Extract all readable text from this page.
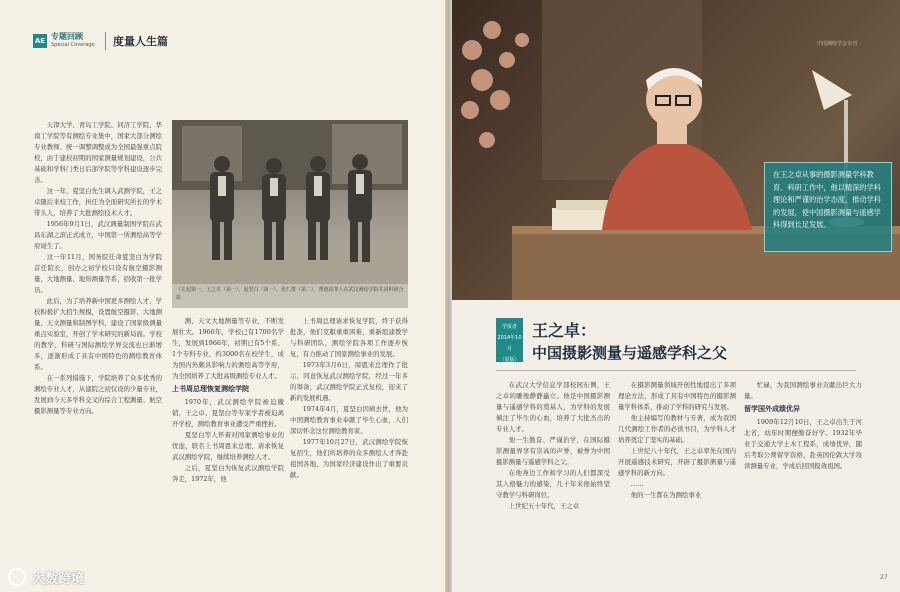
AE 专题回顾
Special Coverage 度量人生篇

天津大学、青岛工学院、同济工学院、华南工学院等有测绘专业集中，国家大部分测绘专业教师、统一调整调整成为全国最强重点院校，由于建校初期的国家测量规划建设，公共基础和学科门类日后部学院等学科建设逐步完善。

这一年，夏坚白先生调入武测学院，王之卓随后来校工作，担任为全面研究所长的学术带头人，培养了大批测绘技术人才。

1956年9月1日，武汉测量制图学院在武昌东湖之滨正式成立，中国第一所测绘高等学府诞生了。

这一年11月，国务院任命夏坚白为学院首任院长，创办之初学校只设有航空摄影测量、大地测量、地形测量等系，招收第一批学员。

此后，为了培养新中国更多测绘人才，学校积极扩大招生规模，设置航空摄影、大地测量、天文测量和制图学科，建设了国家级测量重点实验室，开创了学术研究的新局面。学校的教学、科研与国际测绘学界交流也日渐增多，逐渐形成了具有中国特色的测绘教育体系。

在一系列措施下，学院培养了众多优秀的测绘专业人才，从建院之初仅设的少量专业，发展到今天多学科交叉的综合工程测量、航空摄影测量等专业方向。

（左起第一、王之卓（第一）、夏坚白（第一）、张仁群（第二）、曹德法等人在武汉测绘学院共同科研合影

测、天文大地测量等专业，不断发展壮大。1966年，学校已有1700名学生，发展到1966年，初期已有5个系、1个专科专业，约3000名在校学生，成为国内外颇具影响力的测绘高等学府，为全国培养了大批高级测绘专业人才。

上书周总理恢复测绘学院

1970年，武汉测绘学院被迫撤销，王之卓、夏坚白等专家学者被迫离开学校，测绘教育事业遭受严重挫折。

夏坚白等人怀着对国家测绘事业的忧虑，联名上书周恩来总理，请求恢复武汉测绘学院，继续培养测绘人才。

之后，夏坚白为恢复武汉测绘学院奔走，1972年，他

上书周总理请求恢复学院，终于获得批准，他们克服重重困难，重新组建教学与科研团队，测绘学院各项工作逐步恢复，有力推动了国家测绘事业的发展。

1973年3月6日，周恩来总理作了批示，同意恢复武汉测绘学院，经过一年多的筹备，武汉测绘学院正式复校，迎来了新的发展机遇。

1974年4月，夏坚白因病去世，他为中国测绘教育事业奉献了毕生心血，人们深切怀念这位测绘教育家。

1977年10月27日，武汉测绘学院恢复招生，他们所培养的众多测绘人才奔赴祖国各地，为国家经济建设作出了重要贡献。

中国测绘学会专刊
在王之卓从事的摄影测量学科教育、科研工作中，他以精深的学科理论和严谨的治学态度，推动学科的发展，使中国摄影测量与遥感学科得到长足发展。
学报者
2014年10月
（夏版）
王之卓：
中国摄影测量与遥感学科之父

在武汉大学信息学部校园东侧，王之卓的雕像静静矗立。他是中国摄影测量与遥感学科的奠基人，为学科的发展倾注了毕生的心血，培养了大批杰出的专业人才。

他一生勤奋、严谨治学，在国际摄影测量界享有崇高的声誉，被誉为中国摄影测量与遥感学科之父。

在他身边工作和学习的人们都深受其人格魅力的感染，几十年来他始终坚守教学与科研岗位。

上世纪五十年代，王之卓

在摄影测量领域开创性地提出了多项理论方法，形成了具有中国特色的摄影测量学科体系，推动了学科的研究与发展。

他主持编写的教材与专著，成为我国几代测绘工作者的必读书目，为学科人才培养奠定了坚实的基础。

上世纪八十年代，王之卓率先在国内开展遥感技术研究，开辟了摄影测量与遥感学科的新方向。

……

他的一生都在为测绘事业

忙碌，为我国测绘事业贡献出巨大力量。

留学国外成绩优异

1909年12月10日，王之卓出生于河北省，幼年时期便勤奋好学。1932年毕业于交通大学土木工程系，成绩优异，随后考取公费留学资格，赴英国伦敦大学攻读测量专业，学成后回国报效祖国。

27
大数跨境
